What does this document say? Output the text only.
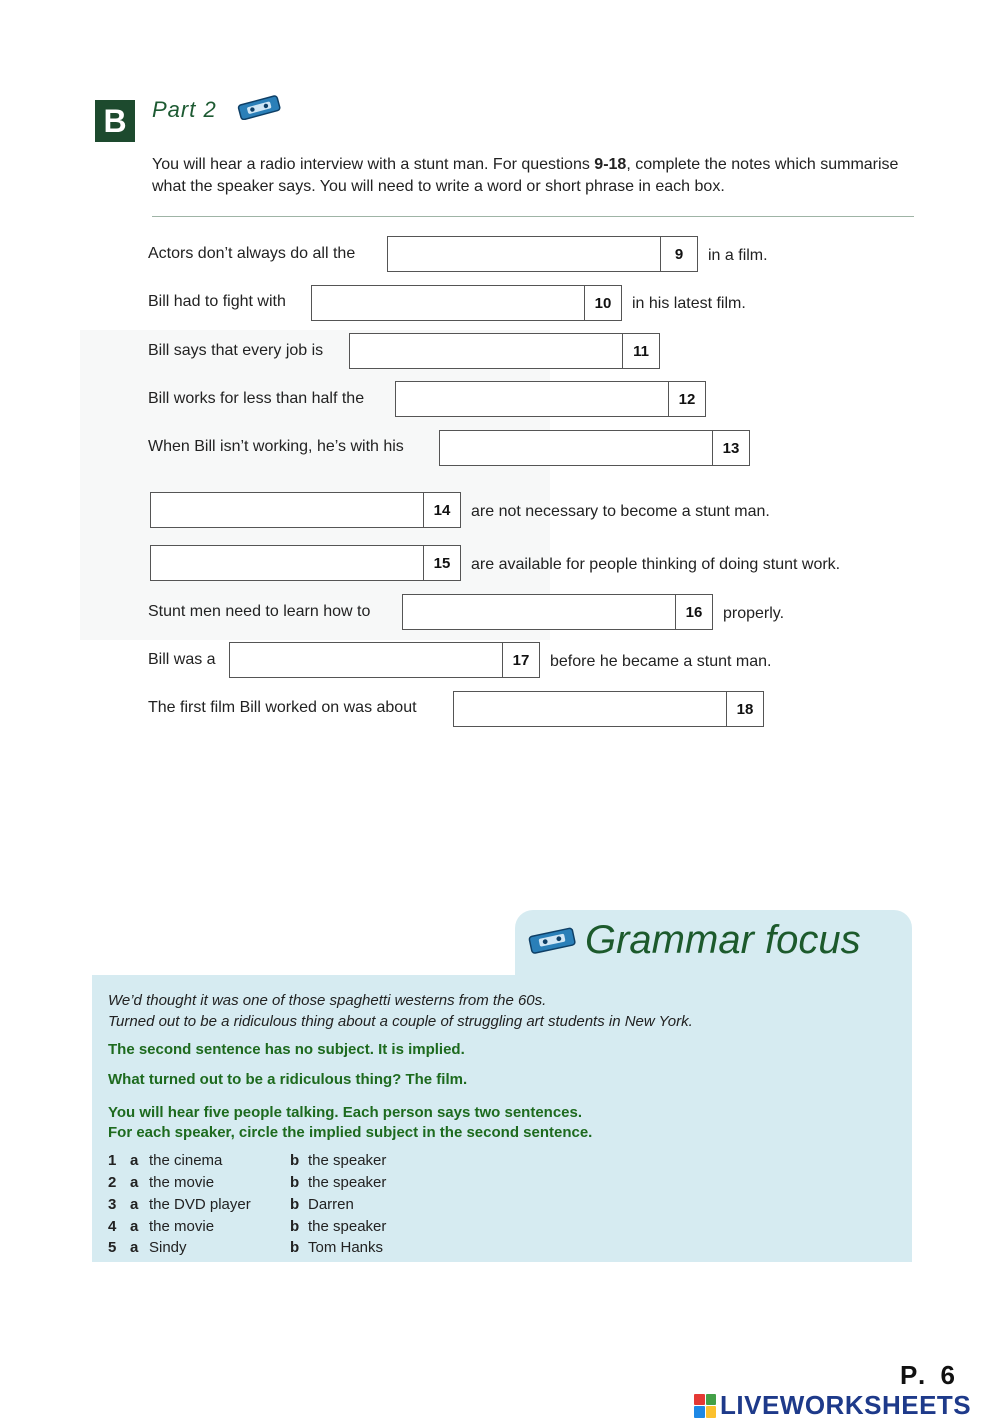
B	Part 2
You will hear a radio interview with a stunt man. For questions 9-18, complete the notes which summarise what the speaker says. You will need to write a word or short phrase in each box.
Actors don’t always do all the	9	in a film.
Bill had to fight with	10	in his latest film.
Bill says that every job is	11
Bill works for less than half the	12
When Bill isn’t working, he’s with his	13
14	are not necessary to become a stunt man.
15	are available for people thinking of doing stunt work.
Stunt men need to learn how to	16	properly.
Bill was a	17	before he became a stunt man.
The first film Bill worked on was about	18
Grammar focus
We’d thought it was one of those spaghetti westerns from the 60s.
Turned out to be a ridiculous thing about a couple of struggling art students in New York.
The second sentence has no subject. It is implied.
What turned out to be a ridiculous thing? The film.
You will hear five people talking. Each person says two sentences.
For each speaker, circle the implied subject in the second sentence.
1 a the cinema	b the speaker
2 a the movie	b the speaker
3 a the DVD player	b Darren
4 a the movie	b the speaker
5 a Sindy	b Tom Hanks
P. 6
LIVEWORKSHEETS
